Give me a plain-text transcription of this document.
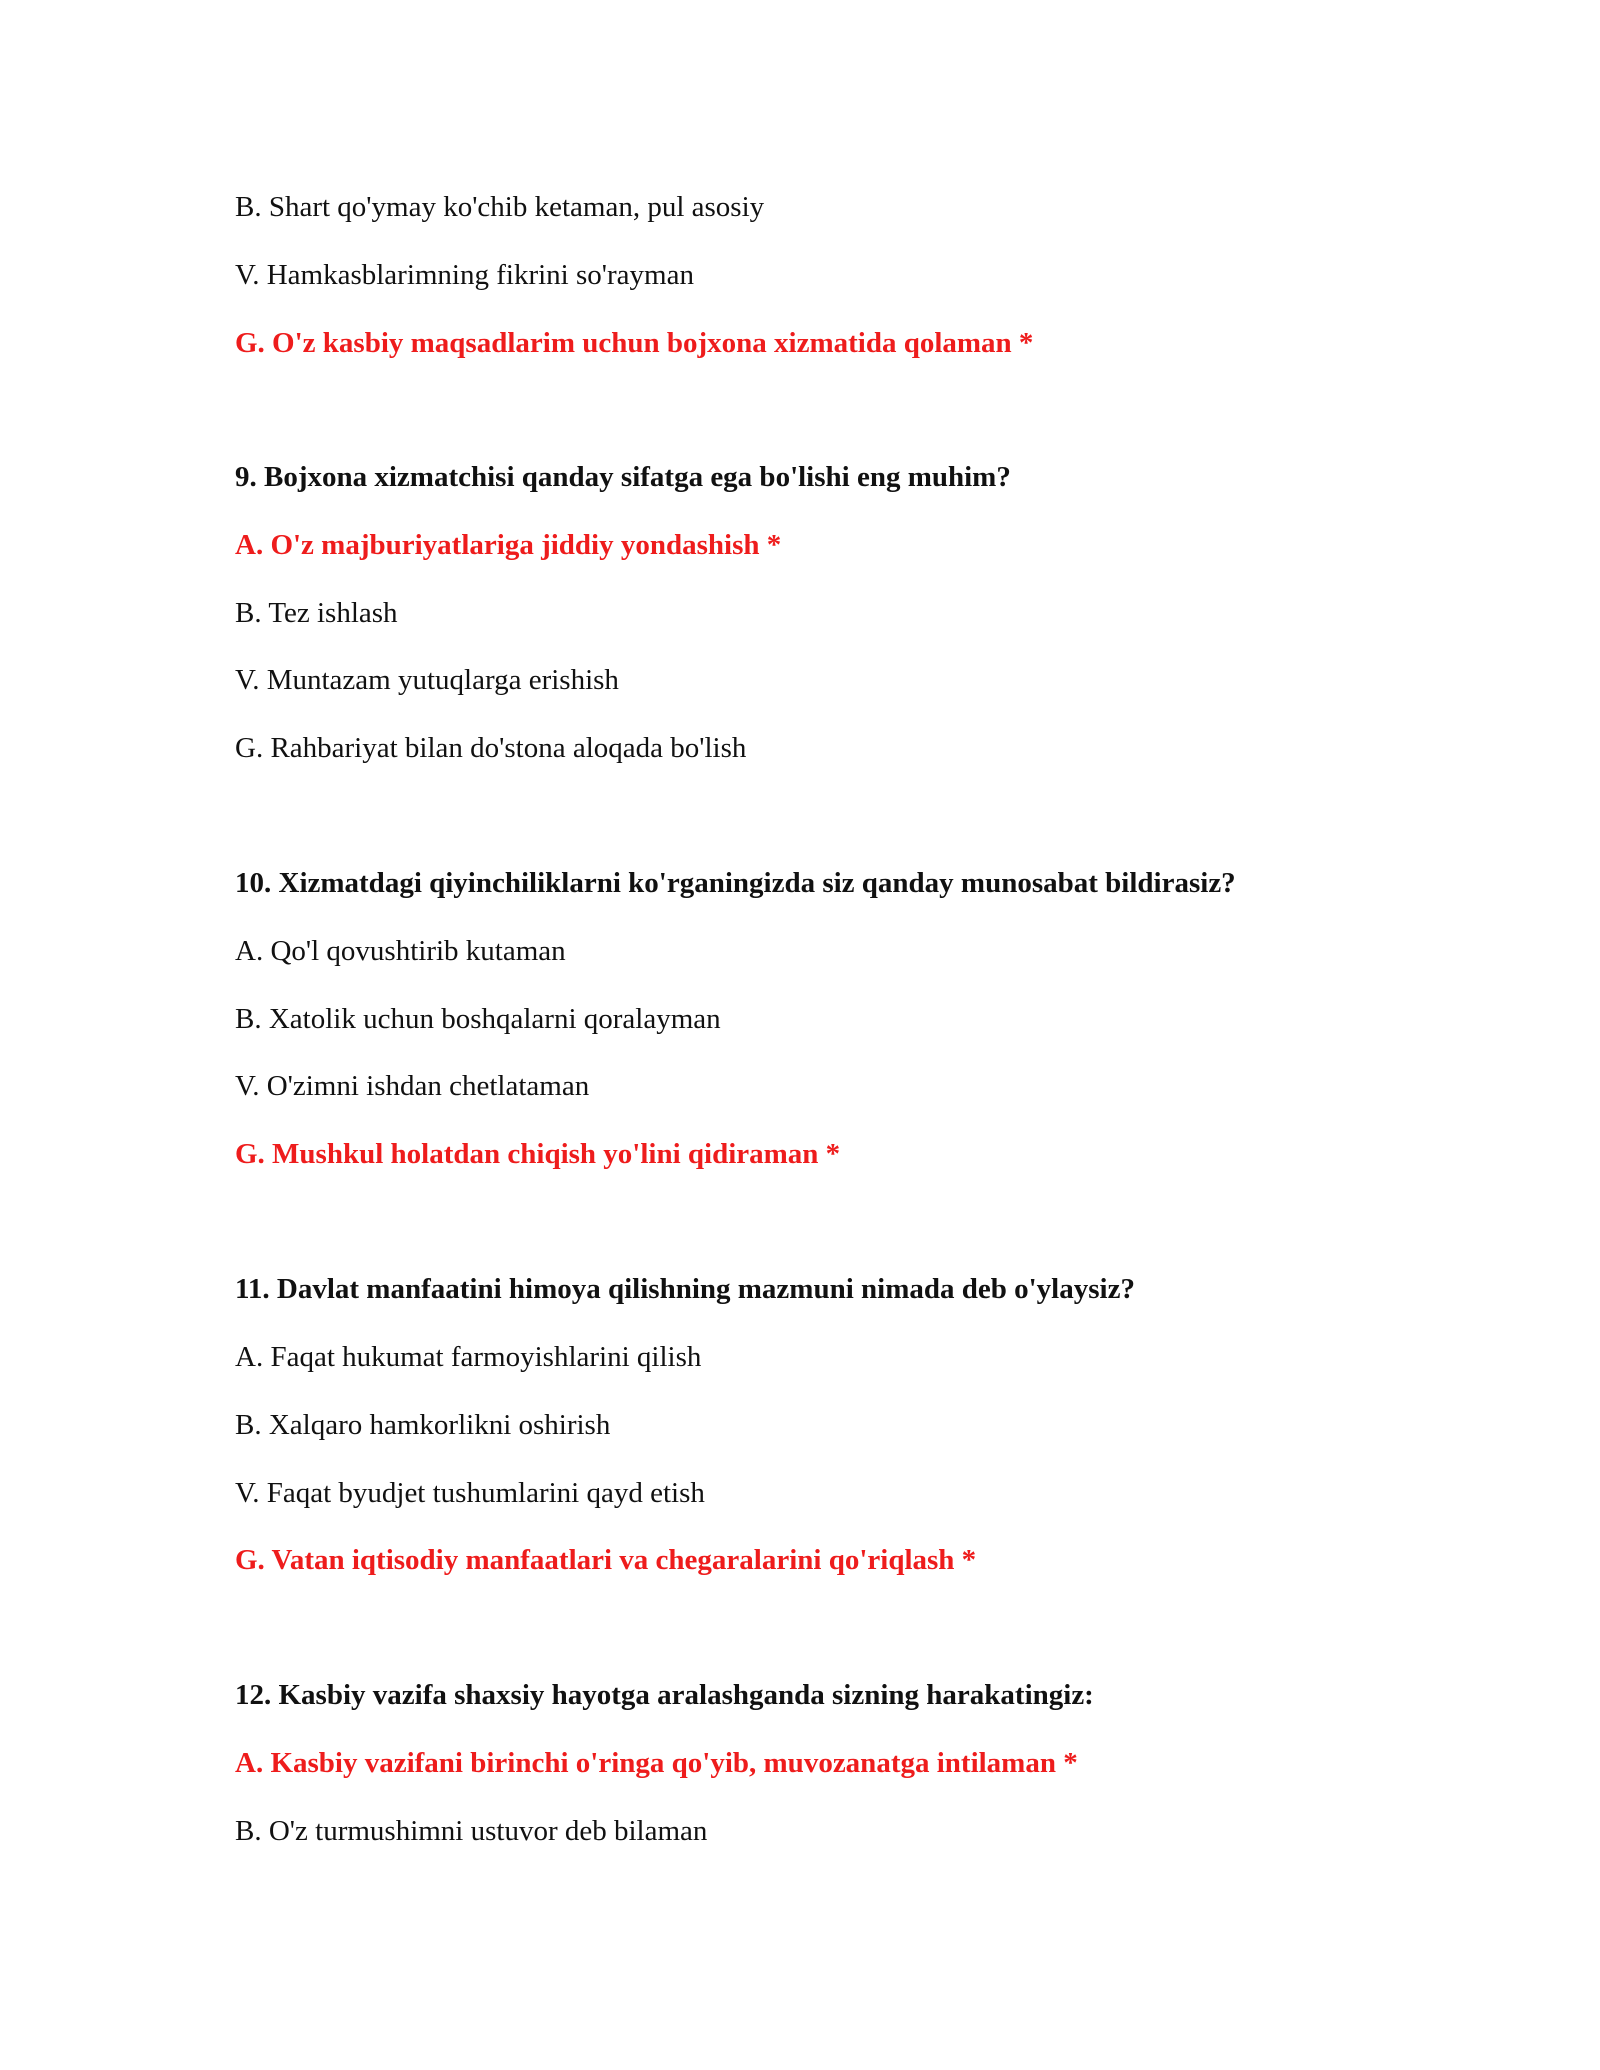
B. Shart qo'ymay ko'chib ketaman, pul asosiy
V. Hamkasblarimning fikrini so'rayman
G. O'z kasbiy maqsadlarim uchun bojxona xizmatida qolaman *
9. Bojxona xizmatchisi qanday sifatga ega bo'lishi eng muhim?
A. O'z majburiyatlariga jiddiy yondashish *
B. Tez ishlash
V. Muntazam yutuqlarga erishish
G. Rahbariyat bilan do'stona aloqada bo'lish
10. Xizmatdagi qiyinchiliklarni ko'rganingizda siz qanday munosabat bildirasiz?
A. Qo'l qovushtirib kutaman
B. Xatolik uchun boshqalarni qoralayman
V. O'zimni ishdan chetlataman
G. Mushkul holatdan chiqish yo'lini qidiraman *
11. Davlat manfaatini himoya qilishning mazmuni nimada deb o'ylaysiz?
A. Faqat hukumat farmoyishlarini qilish
B. Xalqaro hamkorlikni oshirish
V. Faqat byudjet tushumlarini qayd etish
G. Vatan iqtisodiy manfaatlari va chegaralarini qo'riqlash *
12. Kasbiy vazifa shaxsiy hayotga aralashganda sizning harakatingiz:
A. Kasbiy vazifani birinchi o'ringa qo'yib, muvozanatga intilaman *
B. O'z turmushimni ustuvor deb bilaman
